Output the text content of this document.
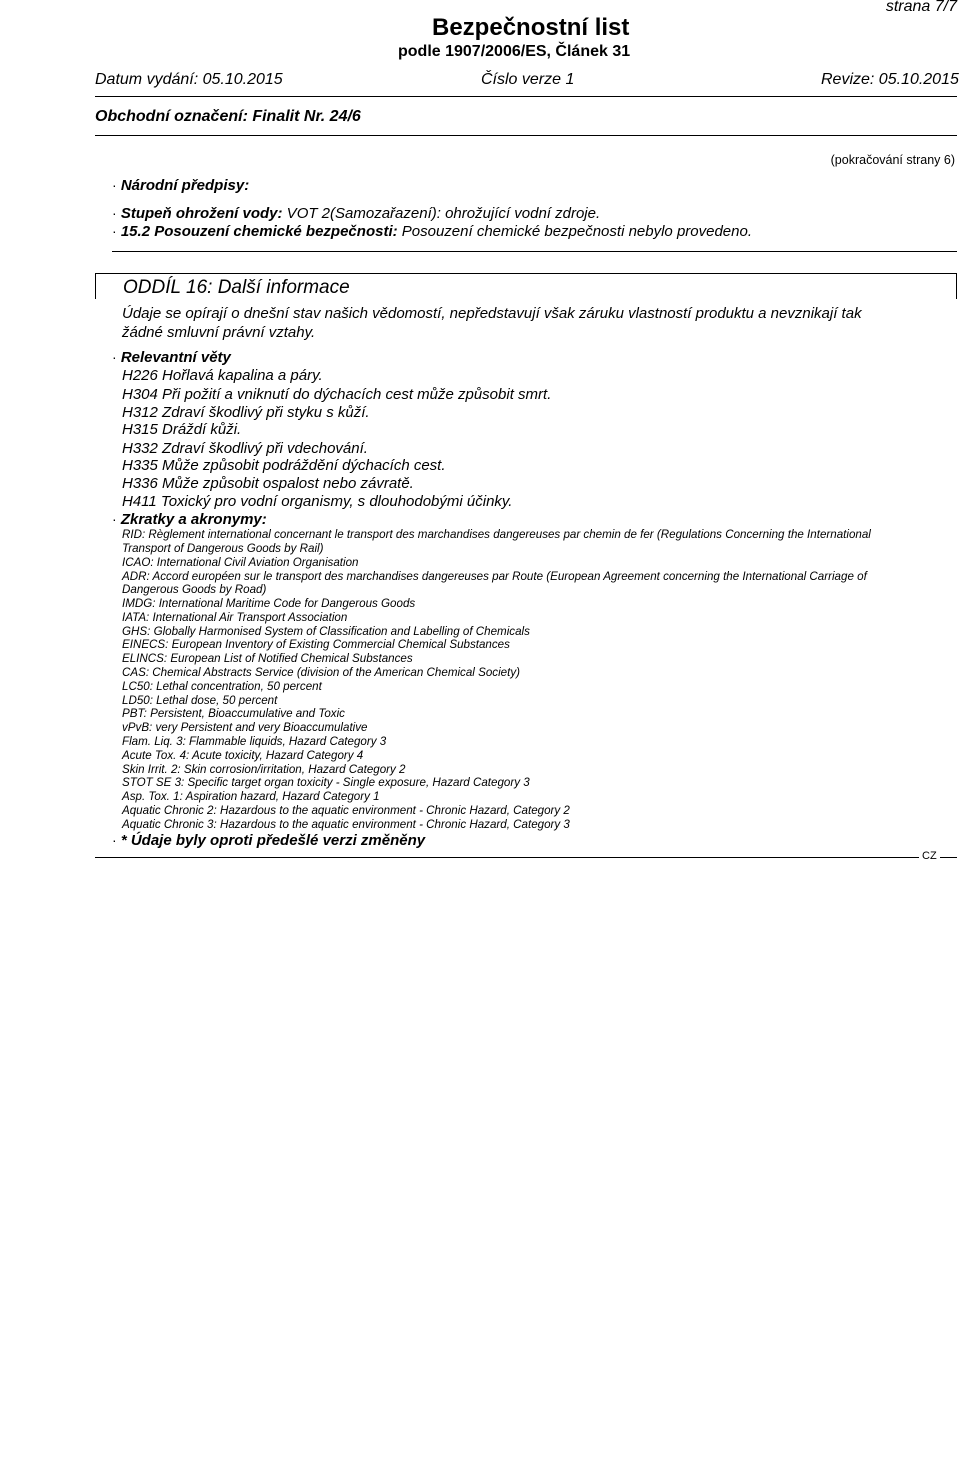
strana 7/7
Bezpečnostní list
podle 1907/2006/ES, Článek 31
Datum vydání: 05.10.2015	Číslo verze 1	Revize: 05.10.2015
Obchodní označení: Finalit Nr. 24/6
(pokračování strany 6)
· Národní předpisy:
· Stupeň ohrožení vody: VOT 2(Samozařazení): ohrožující vodní zdroje.
· 15.2 Posouzení chemické bezpečnosti: Posouzení chemické bezpečnosti nebylo provedeno.
ODDÍL 16: Další informace
Údaje se opírají o dnešní stav našich vědomostí, nepředstavují však záruku vlastností produktu a nevznikají tak
žádné smluvní právní vztahy.
· Relevantní věty
H226 Hořlavá kapalina a páry.
H304 Při požití a vniknutí do dýchacích cest může způsobit smrt.
H312 Zdraví škodlivý při styku s kůží.
H315 Dráždí kůži.
H332 Zdraví škodlivý při vdechování.
H335 Může způsobit podráždění dýchacích cest.
H336 Může způsobit ospalost nebo závratě.
H411 Toxický pro vodní organismy, s dlouhodobými účinky.
· Zkratky a akronymy:
RID: Règlement international concernant le transport des marchandises dangereuses par chemin de fer (Regulations Concerning the International
Transport of Dangerous Goods by Rail)
ICAO: International Civil Aviation Organisation
ADR: Accord européen sur le transport des marchandises dangereuses par Route (European Agreement concerning the International Carriage of
Dangerous Goods by Road)
IMDG: International Maritime Code for Dangerous Goods
IATA: International Air Transport Association
GHS: Globally Harmonised System of Classification and Labelling of Chemicals
EINECS: European Inventory of Existing Commercial Chemical Substances
ELINCS: European List of Notified Chemical Substances
CAS: Chemical Abstracts Service (division of the American Chemical Society)
LC50: Lethal concentration, 50 percent
LD50: Lethal dose, 50 percent
PBT: Persistent, Bioaccumulative and Toxic
vPvB: very Persistent and very Bioaccumulative
Flam. Liq. 3: Flammable liquids, Hazard Category 3
Acute Tox. 4: Acute toxicity, Hazard Category 4
Skin Irrit. 2: Skin corrosion/irritation, Hazard Category 2
STOT SE 3: Specific target organ toxicity - Single exposure, Hazard Category 3
Asp. Tox. 1: Aspiration hazard, Hazard Category 1
Aquatic Chronic 2: Hazardous to the aquatic environment - Chronic Hazard, Category 2
Aquatic Chronic 3: Hazardous to the aquatic environment - Chronic Hazard, Category 3
· * Údaje byly oproti předešlé verzi změněny
CZ
